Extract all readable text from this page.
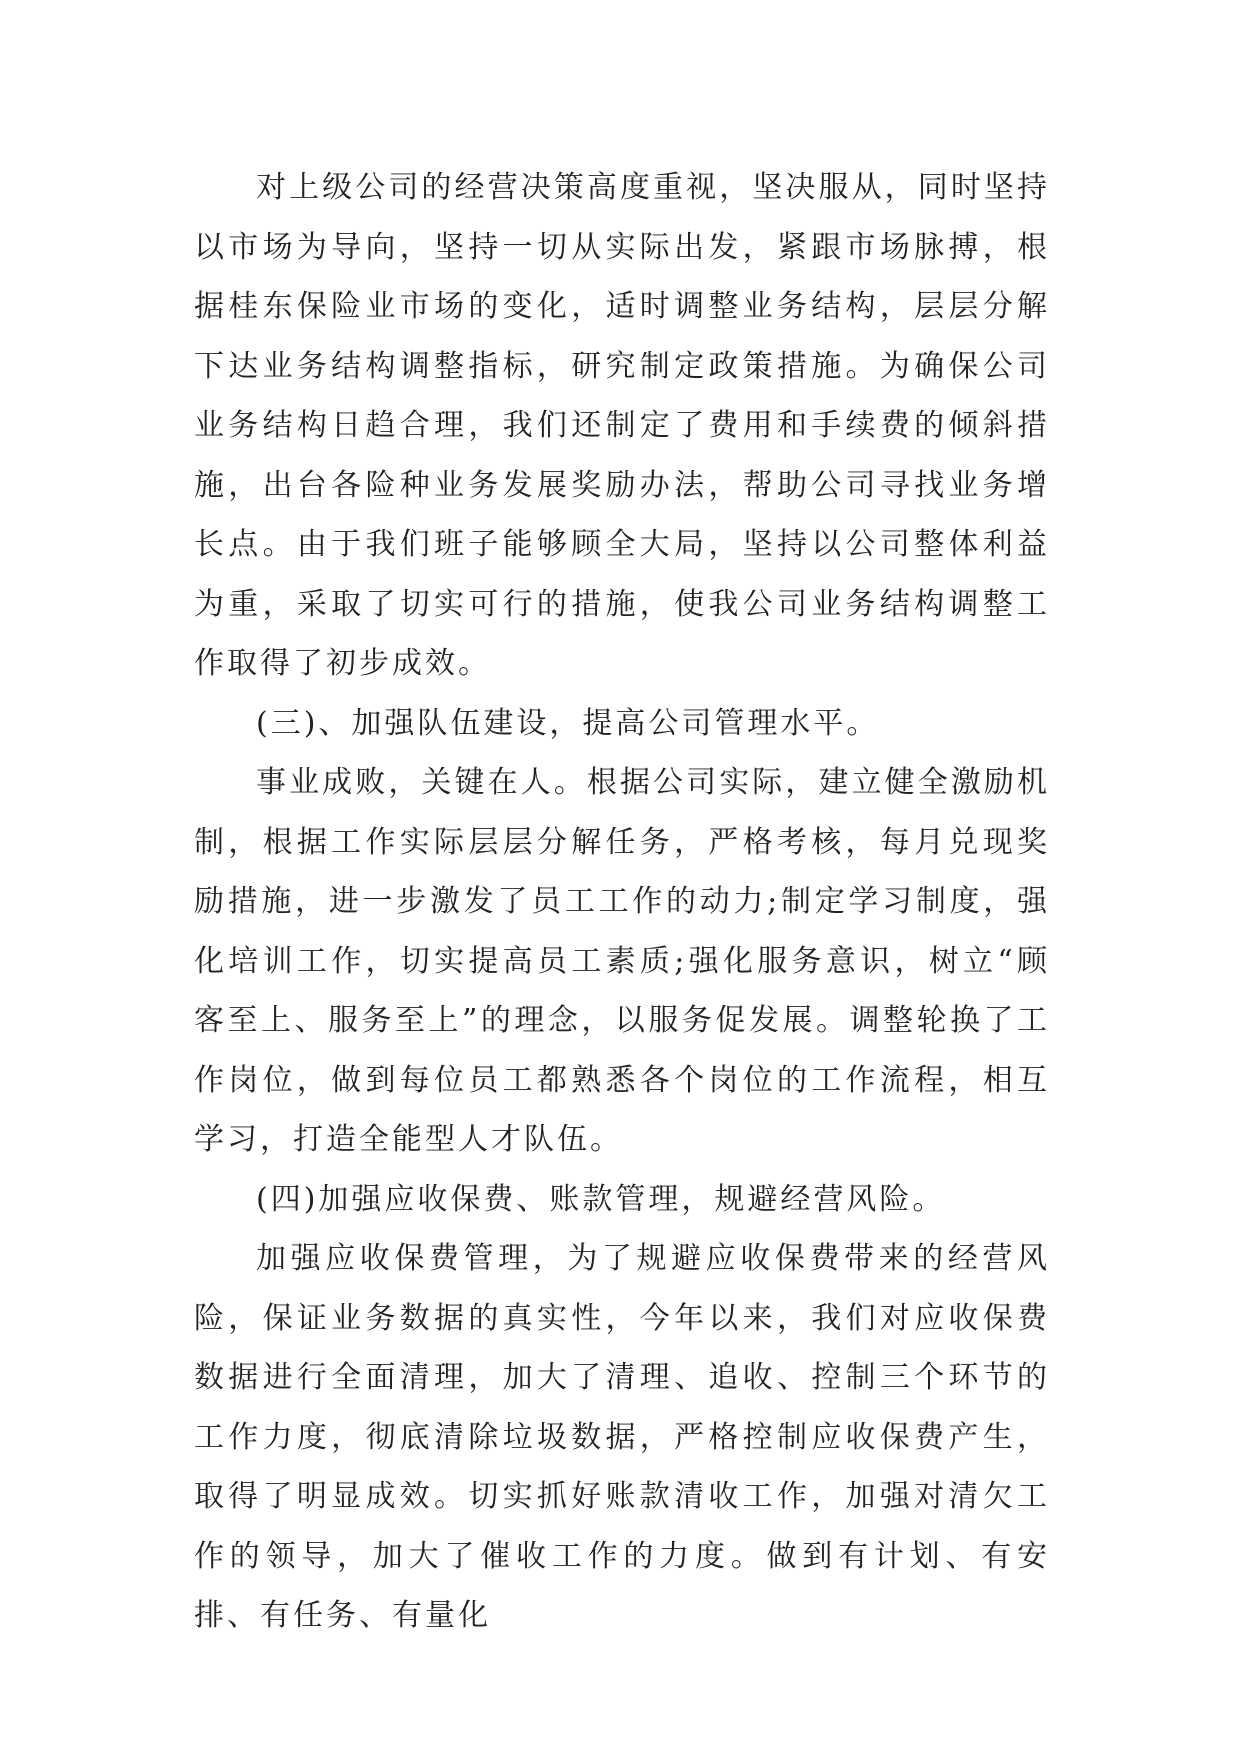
对上级公司的经营决策高度重视，坚决服从，同时坚持以市场为导向，坚持一切从实际出发，紧跟市场脉搏，根据桂东保险业市场的变化，适时调整业务结构，层层分解下达业务结构调整指标，研究制定政策措施。为确保公司业务结构日趋合理，我们还制定了费用和手续费的倾斜措施，出台各险种业务发展奖励办法，帮助公司寻找业务增长点。由于我们班子能够顾全大局，坚持以公司整体利益为重，采取了切实可行的措施，使我公司业务结构调整工作取得了初步成效。

(三)、加强队伍建设，提高公司管理水平。

事业成败，关键在人。根据公司实际，建立健全激励机制，根据工作实际层层分解任务，严格考核，每月兑现奖励措施，进一步激发了员工工作的动力;制定学习制度，强化培训工作，切实提高员工素质;强化服务意识，树立“顾客至上、服务至上”的理念，以服务促发展。调整轮换了工作岗位，做到每位员工都熟悉各个岗位的工作流程，相互学习，打造全能型人才队伍。

(四)加强应收保费、账款管理，规避经营风险。

加强应收保费管理，为了规避应收保费带来的经营风险，保证业务数据的真实性，今年以来，我们对应收保费数据进行全面清理，加大了清理、追收、控制三个环节的工作力度，彻底清除垃圾数据，严格控制应收保费产生，取得了明显成效。切实抓好账款清收工作，加强对清欠工作的领导，加大了催收工作的力度。做到有计划、有安排、有任务、有量化
